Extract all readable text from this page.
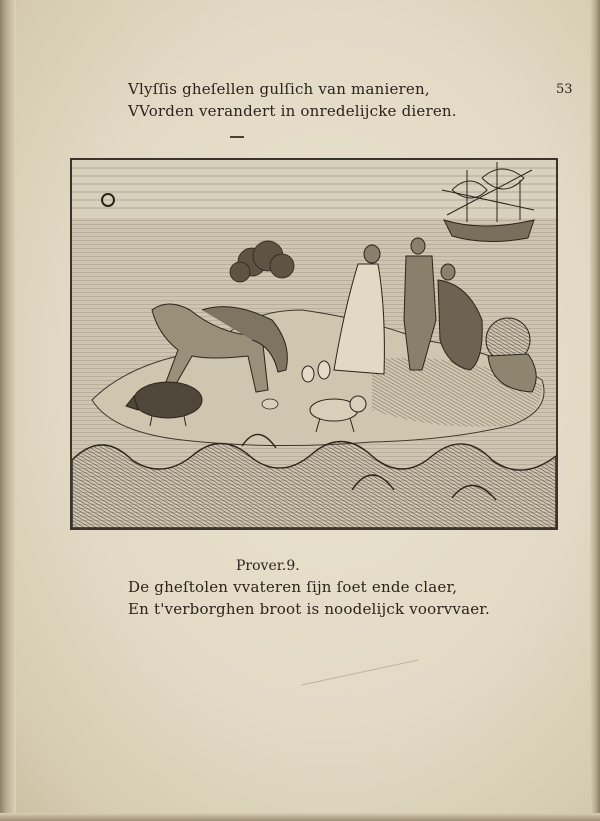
Vlyſſis gheſellen gulſich van manieren,
VVorden verandert in onredelijcke dieren.
53
Prover.9.
De gheſtolen vvateren ſijn ſoet ende claer,
En t'verborghen broot is noodelijck voorvvaer.
